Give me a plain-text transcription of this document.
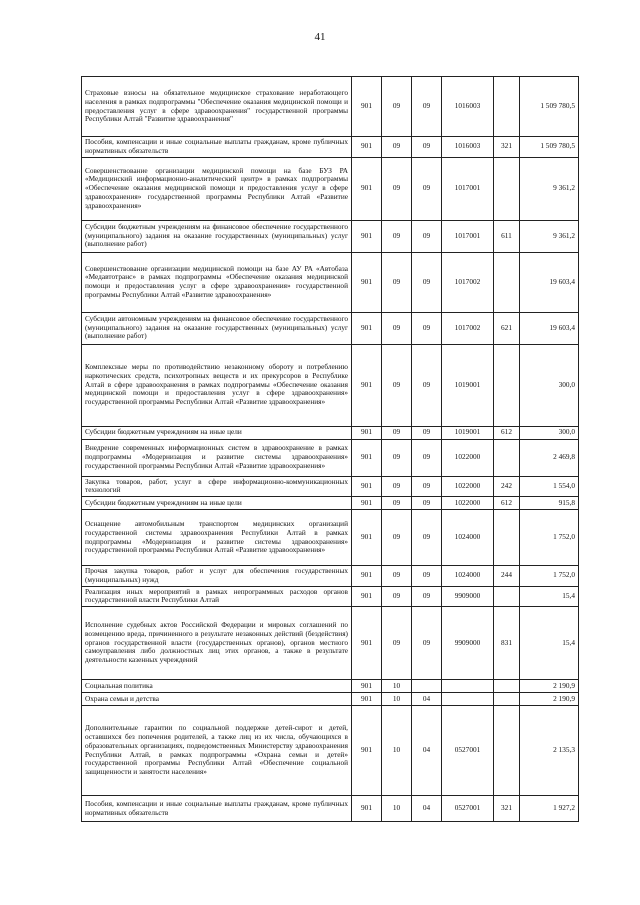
41
Страховые взносы на обязательное медицинское страхование неработающего населения в рамках подпрограммы "Обеспечение оказания медицинской помощи и предоставления услуг в сфере здравоохранения" государственной программы Республики Алтай "Развитие здравоохранения"	901	09	09	1016003		1 509 780,5
Пособия, компенсации и иные социальные выплаты гражданам, кроме публичных нормативных обязательств	901	09	09	1016003	321	1 509 780,5
Совершенствование организации медицинской помощи на базе БУЗ РА «Медицинский информационно-аналитический центр» в рамках подпрограммы «Обеспечение оказания медицинской помощи и предоставления услуг в сфере здравоохранения» государственной программы Республики Алтай «Развитие здравоохранения»	901	09	09	1017001		9 361,2
Субсидии бюджетным учреждениям на финансовое обеспечение государственного (муниципального) задания на оказание государственных (муниципальных) услуг (выполнение работ)	901	09	09	1017001	611	9 361,2
Совершенствование организации медицинской помощи на базе АУ РА «Автобаза «Медавтотранс» в рамках подпрограммы «Обеспечение оказания медицинской помощи и предоставления услуг в сфере здравоохранения» государственной программы Республики Алтай «Развитие здравоохранения»	901	09	09	1017002		19 603,4
Субсидии автономным учреждениям на финансовое обеспечение государственного (муниципального) задания на оказание государственных (муниципальных) услуг (выполнение работ)	901	09	09	1017002	621	19 603,4
Комплексные меры по противодействию незаконному обороту и потреблению наркотических средств, психотропных веществ и их прекурсоров в Республике Алтай в сфере здравоохранения в рамках подпрограммы «Обеспечение оказания медицинской помощи и предоставления услуг в сфере здравоохранения» государственной программы Республики Алтай «Развитие здравоохранения»	901	09	09	1019001		300,0
Субсидии бюджетным учреждениям на иные цели	901	09	09	1019001	612	300,0
Внедрение современных информационных систем в здравоохранение в рамках подпрограммы «Модернизация и развитие системы здравоохранения» государственной программы Республики Алтай «Развитие здравоохранения»	901	09	09	1022000		2 469,8
Закупка товаров, работ, услуг в сфере информационно-коммуникационных технологий	901	09	09	1022000	242	1 554,0
Субсидии бюджетным учреждениям на иные цели	901	09	09	1022000	612	915,8
Оснащение автомобильным транспортом медицинских организаций государственной системы здравоохранения Республики Алтай в рамках подпрограммы «Модернизация и развитие системы здравоохранения» государственной программы Республики Алтай «Развитие здравоохранения»	901	09	09	1024000		1 752,0
Прочая закупка товаров, работ и услуг для обеспечения государственных (муниципальных) нужд	901	09	09	1024000	244	1 752,0
Реализация иных мероприятий в рамках непрограммных расходов органов государственной власти Республики Алтай	901	09	09	9909000		15,4
Исполнение судебных актов Российской Федерации и мировых соглашений по возмещению вреда, причиненного в результате незаконных действий (бездействия) органов государственной власти (государственных органов), органов местного самоуправления либо должностных лиц этих органов, а также в результате деятельности казенных учреждений	901	09	09	9909000	831	15,4
Социальная политика	901	10				2 190,9
Охрана семьи и детства	901	10	04			2 190,9
Дополнительные гарантии по социальной поддержке детей-сирот и детей, оставшихся без попечения родителей, а также лиц из их числа, обучающихся в образовательных организациях, подведомственных Министерству здравоохранения Республики Алтай, в рамках подпрограммы «Охрана семьи и детей» государственной программы Республики Алтай «Обеспечение социальной защищенности и занятости населения»	901	10	04	0527001		2 135,3
Пособия, компенсации и иные социальные выплаты гражданам, кроме публичных нормативных обязательств	901	10	04	0527001	321	1 927,2
